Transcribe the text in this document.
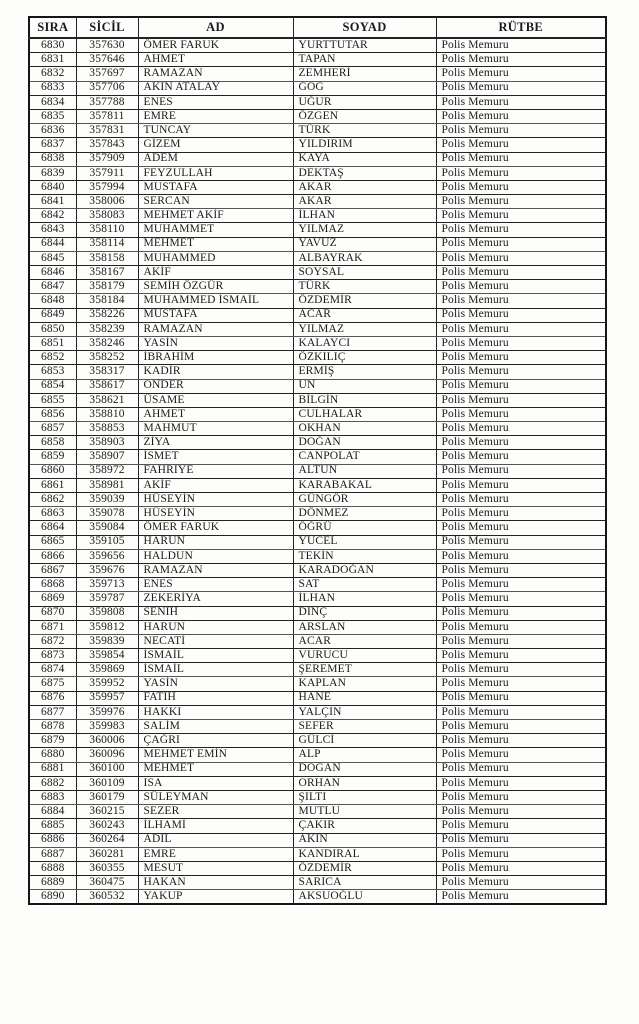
SIRA	SİCİL	AD	SOYAD	RÜTBE
6830	357630	ÖMER FARUK	YURTTUTAR	Polis Memuru
6831	357646	AHMET	TAPAN	Polis Memuru
6832	357697	RAMAZAN	ZEMHERİ	Polis Memuru
6833	357706	AKIN ATALAY	GÖĞ	Polis Memuru
6834	357788	ENES	UĞUR	Polis Memuru
6835	357811	EMRE	ÖZGEN	Polis Memuru
6836	357831	TUNCAY	TÜRK	Polis Memuru
6837	357843	GİZEM	YILDIRIM	Polis Memuru
6838	357909	ADEM	KAYA	Polis Memuru
6839	357911	FEYZULLAH	DEKTAŞ	Polis Memuru
6840	357994	MUSTAFA	AKAR	Polis Memuru
6841	358006	SERCAN	AKAR	Polis Memuru
6842	358083	MEHMET AKİF	İLHAN	Polis Memuru
6843	358110	MUHAMMET	YILMAZ	Polis Memuru
6844	358114	MEHMET	YAVUZ	Polis Memuru
6845	358158	MUHAMMED	ALBAYRAK	Polis Memuru
6846	358167	AKİF	SOYSAL	Polis Memuru
6847	358179	SEMİH ÖZGÜR	TÜRK	Polis Memuru
6848	358184	MUHAMMED İSMAİL	ÖZDEMİR	Polis Memuru
6849	358226	MUSTAFA	ACAR	Polis Memuru
6850	358239	RAMAZAN	YILMAZ	Polis Memuru
6851	358246	YASİN	KALAYCI	Polis Memuru
6852	358252	İBRAHİM	ÖZKILIÇ	Polis Memuru
6853	358317	KADİR	ERMİŞ	Polis Memuru
6854	358617	ÖNDER	ÜN	Polis Memuru
6855	358621	ÜSAME	BİLGİN	Polis Memuru
6856	358810	AHMET	CULHALAR	Polis Memuru
6857	358853	MAHMUT	OKHAN	Polis Memuru
6858	358903	ZİYA	DOĞAN	Polis Memuru
6859	358907	İSMET	CANPOLAT	Polis Memuru
6860	358972	FAHRİYE	ALTUN	Polis Memuru
6861	358981	AKİF	KARABAKAL	Polis Memuru
6862	359039	HÜSEYİN	GÜNGÖR	Polis Memuru
6863	359078	HÜSEYİN	DÖNMEZ	Polis Memuru
6864	359084	ÖMER FARUK	ÖĞRÜ	Polis Memuru
6865	359105	HARUN	YÜCEL	Polis Memuru
6866	359656	HALDUN	TEKİN	Polis Memuru
6867	359676	RAMAZAN	KARADOĞAN	Polis Memuru
6868	359713	ENES	SAT	Polis Memuru
6869	359787	ZEKERİYA	İLHAN	Polis Memuru
6870	359808	SENİH	DINÇ	Polis Memuru
6871	359812	HARUN	ARSLAN	Polis Memuru
6872	359839	NECATİ	ACAR	Polis Memuru
6873	359854	İSMAİL	VURUCU	Polis Memuru
6874	359869	İSMAİL	ŞEREMET	Polis Memuru
6875	359952	YASİN	KAPLAN	Polis Memuru
6876	359957	FATİH	HANE	Polis Memuru
6877	359976	HAKKI	YALÇIN	Polis Memuru
6878	359983	SALİM	SEFER	Polis Memuru
6879	360006	ÇAĞRI	GÜLCİ	Polis Memuru
6880	360096	MEHMET EMİN	ALP	Polis Memuru
6881	360100	MEHMET	DOĞAN	Polis Memuru
6882	360109	ISA	ORHAN	Polis Memuru
6883	360179	SÜLEYMAN	ŞILTI	Polis Memuru
6884	360215	SEZER	MUTLU	Polis Memuru
6885	360243	İLHAMİ	ÇAKIR	Polis Memuru
6886	360264	ADİL	AKIN	Polis Memuru
6887	360281	EMRE	KANDIRAL	Polis Memuru
6888	360355	MESUT	ÖZDEMİR	Polis Memuru
6889	360475	HAKAN	SARICA	Polis Memuru
6890	360532	YAKUP	AKSUOĞLU	Polis Memuru
